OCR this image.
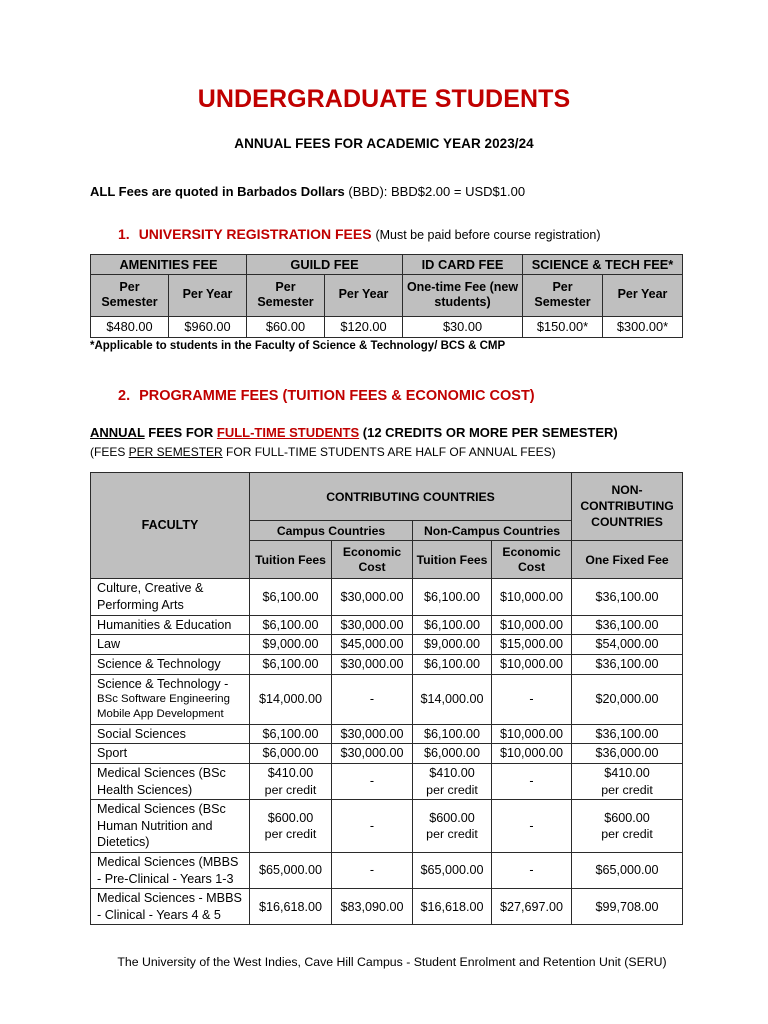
UNDERGRADUATE STUDENTS
ANNUAL FEES FOR ACADEMIC YEAR 2023/24

ALL Fees are quoted in Barbados Dollars (BBD): BBD$2.00 = USD$1.00

1. UNIVERSITY REGISTRATION FEES (Must be paid before course registration)

AMENITIES FEE		GUILD FEE		ID CARD FEE	SCIENCE & TECH FEE*	
Per Semester	Per Year	Per Semester	Per Year	One-time Fee (new students)	Per Semester	Per Year
$480.00	$960.00	$60.00	$120.00	$30.00	$150.00*	$300.00*

*Applicable to students in the Faculty of Science & Technology/ BCS & CMP

2. PROGRAMME FEES (TUITION FEES & ECONOMIC COST)

ANNUAL FEES FOR FULL-TIME STUDENTS (12 CREDITS OR MORE PER SEMESTER)

(FEES PER SEMESTER FOR FULL-TIME STUDENTS ARE HALF OF ANNUAL FEES)

FACULTY	CONTRIBUTING COUNTRIES				NON-CONTRIBUTING COUNTRIES
	Campus Countries		Non-Campus Countries		
	Tuition Fees	Economic Cost	Tuition Fees	Economic Cost	One Fixed Fee
Culture, Creative & Performing Arts	$6,100.00	$30,000.00	$6,100.00	$10,000.00	$36,100.00
Humanities & Education	$6,100.00	$30,000.00	$6,100.00	$10,000.00	$36,100.00
Law	$9,000.00	$45,000.00	$9,000.00	$15,000.00	$54,000.00
Science & Technology	$6,100.00	$30,000.00	$6,100.00	$10,000.00	$36,100.00
Science & Technology -
BSc Software Engineering Mobile App Development	$14,000.00	-	$14,000.00	-	$20,000.00
Social Sciences	$6,100.00	$30,000.00	$6,100.00	$10,000.00	$36,100.00
Sport	$6,000.00	$30,000.00	$6,000.00	$10,000.00	$36,000.00
Medical Sciences (BSc Health Sciences)	$410.00
per credit	-	$410.00
per credit	-	$410.00
per credit

Medical Sciences (BSc Human Nutrition and Dietetics)	$600.00
per credit	-	$600.00
per credit	-	$600.00
per credit

Medical Sciences (MBBS - Pre-Clinical - Years 1-3	$65,000.00	-	$65,000.00	-	$65,000.00
Medical Sciences - MBBS - Clinical - Years 4 & 5	$16,618.00	$83,090.00	$16,618.00	$27,697.00	$99,708.00

The University of the West Indies, Cave Hill Campus - Student Enrolment and Retention Unit (SERU)
